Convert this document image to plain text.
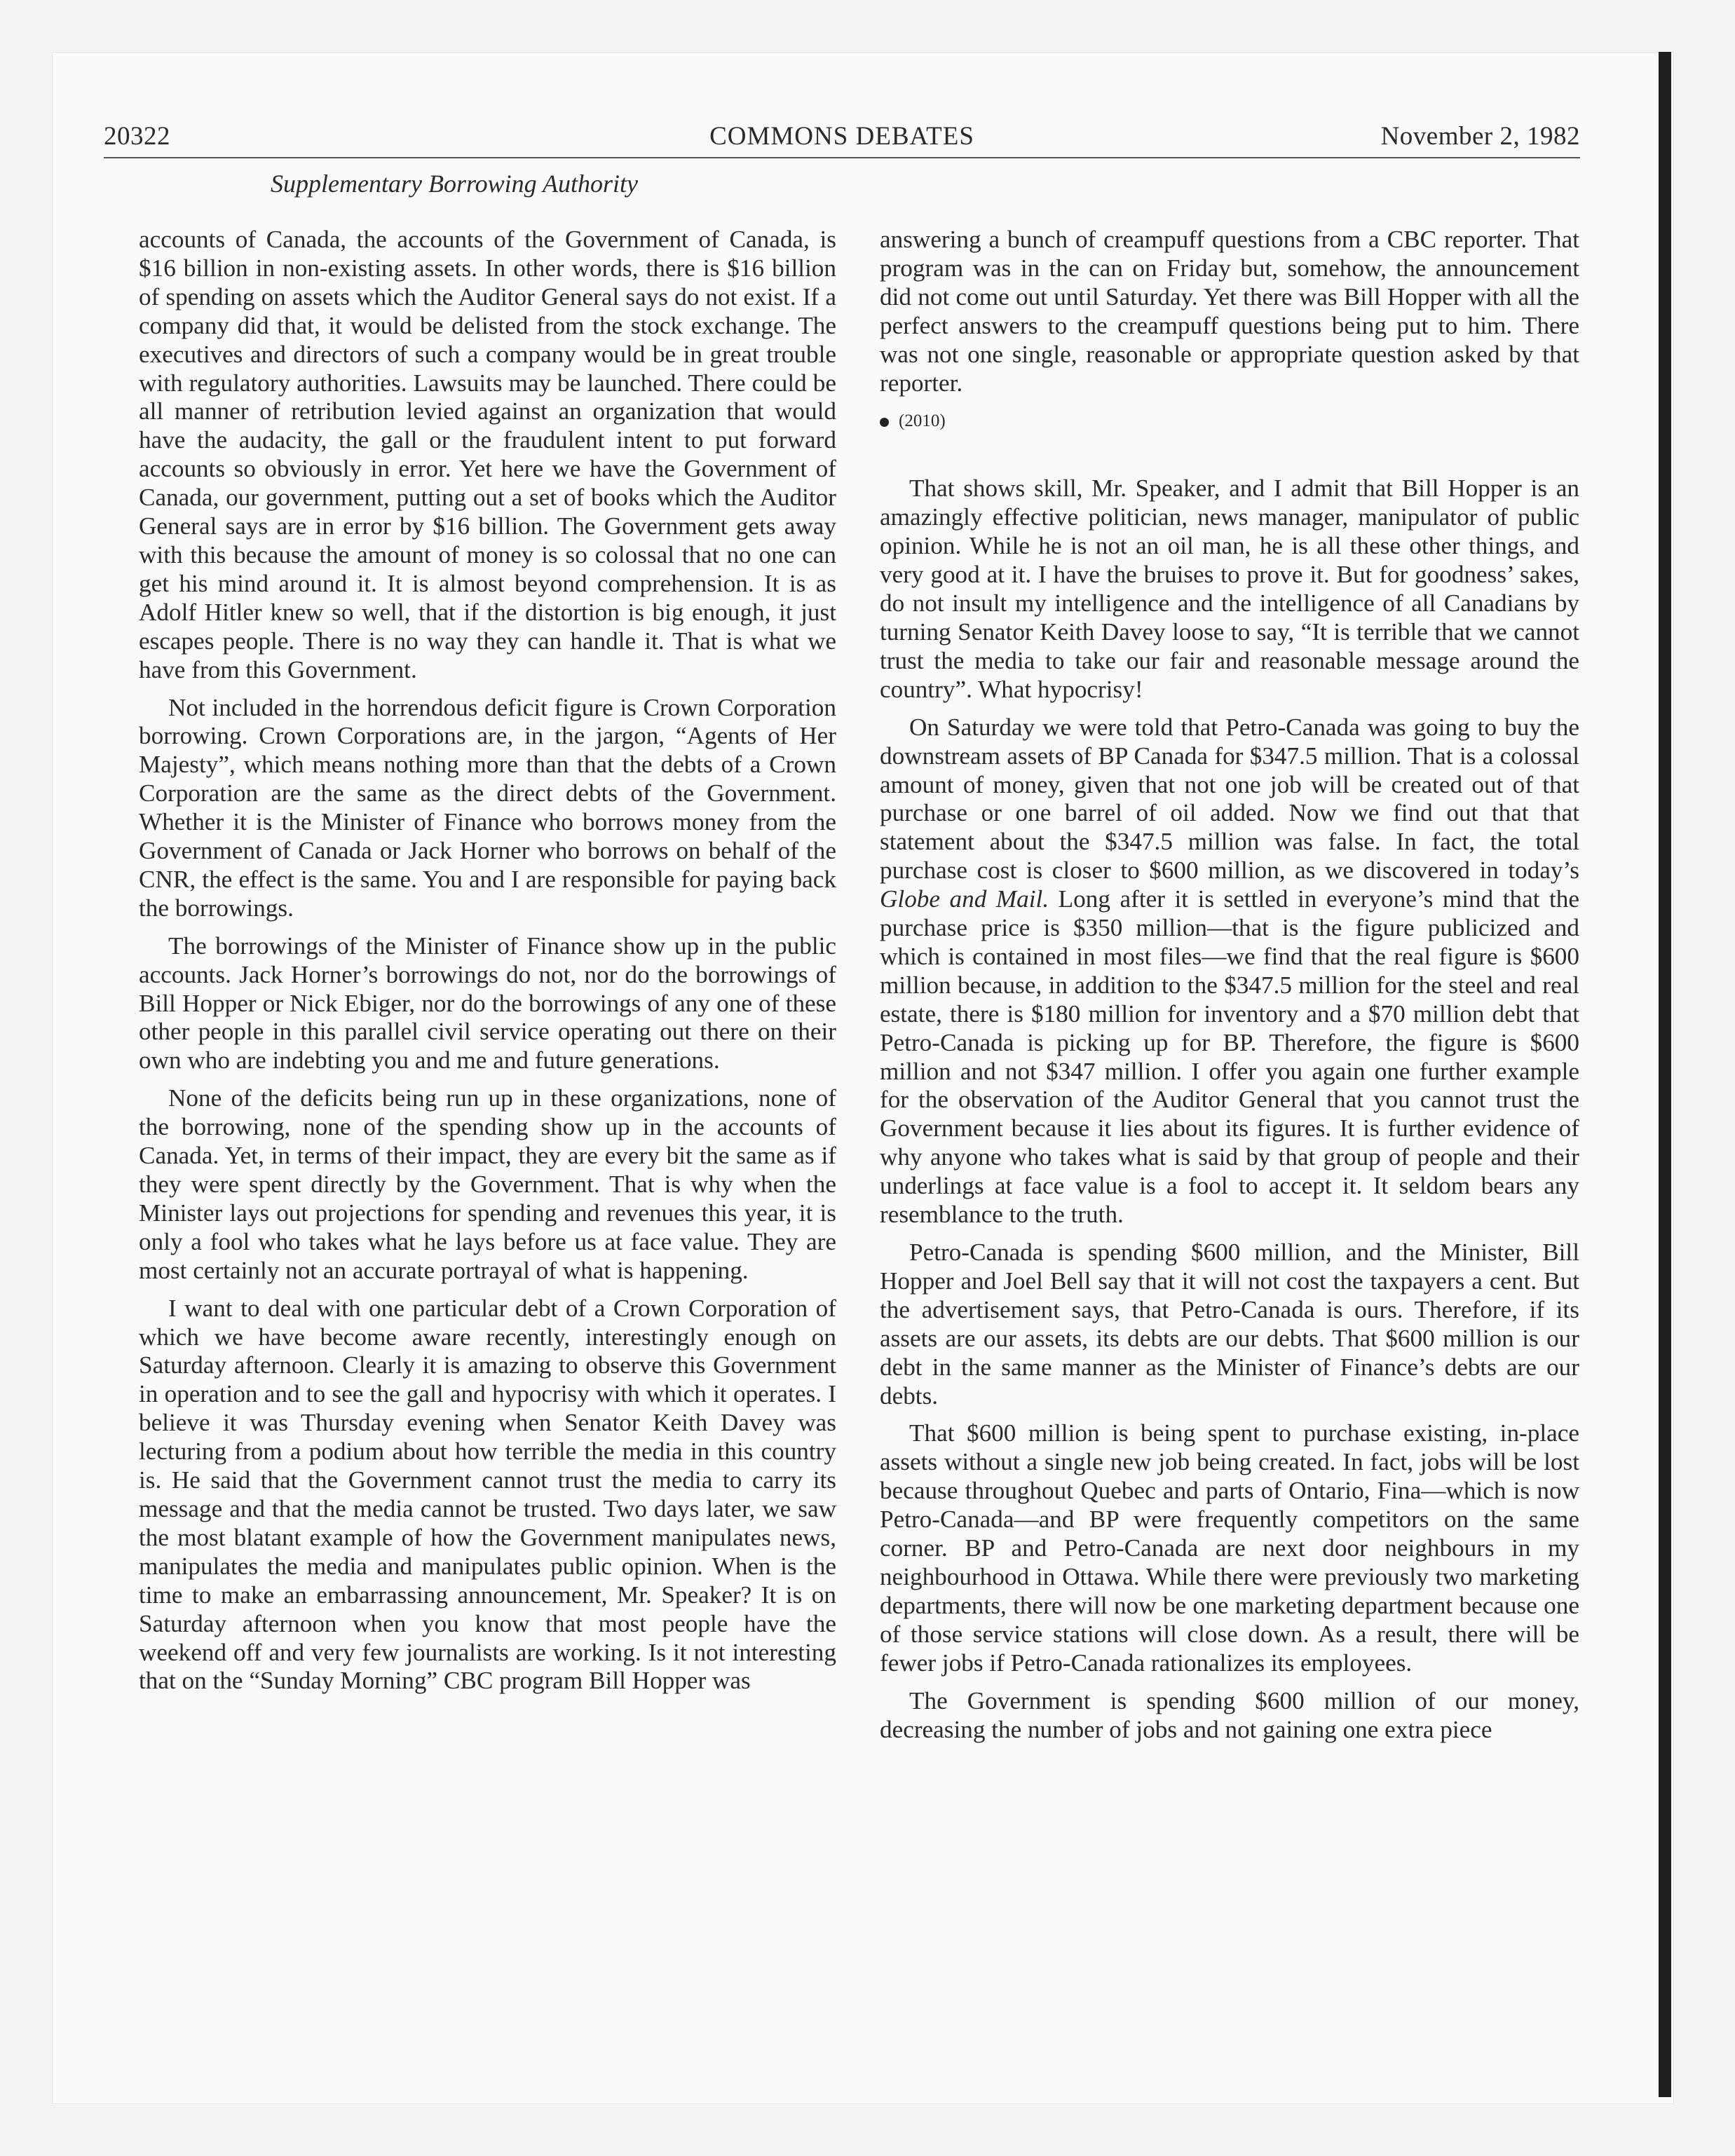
20322	COMMONS DEBATES	November 2, 1982
Supplementary Borrowing Authority

accounts of Canada, the accounts of the Government of Canada, is $16 billion in non-existing assets. In other words, there is $16 billion of spending on assets which the Auditor General says do not exist. If a company did that, it would be delisted from the stock exchange. The executives and directors of such a company would be in great trouble with regulatory authorities. Lawsuits may be launched. There could be all manner of retribution levied against an organization that would have the audacity, the gall or the fraudulent intent to put forward accounts so obviously in error. Yet here we have the Government of Canada, our government, putting out a set of books which the Auditor General says are in error by $16 billion. The Government gets away with this because the amount of money is so colossal that no one can get his mind around it. It is almost beyond comprehension. It is as Adolf Hitler knew so well, that if the distortion is big enough, it just escapes people. There is no way they can handle it. That is what we have from this Government.

Not included in the horrendous deficit figure is Crown Corporation borrowing. Crown Corporations are, in the jargon, “Agents of Her Majesty”, which means nothing more than that the debts of a Crown Corporation are the same as the direct debts of the Government. Whether it is the Minister of Finance who borrows money from the Government of Canada or Jack Horner who borrows on behalf of the CNR, the effect is the same. You and I are responsible for paying back the borrowings.

The borrowings of the Minister of Finance show up in the public accounts. Jack Horner’s borrowings do not, nor do the borrowings of Bill Hopper or Nick Ebiger, nor do the borrowings of any one of these other people in this parallel civil service operating out there on their own who are indebting you and me and future generations.

None of the deficits being run up in these organizations, none of the borrowing, none of the spending show up in the accounts of Canada. Yet, in terms of their impact, they are every bit the same as if they were spent directly by the Government. That is why when the Minister lays out projections for spending and revenues this year, it is only a fool who takes what he lays before us at face value. They are most certainly not an accurate portrayal of what is happening.

I want to deal with one particular debt of a Crown Corporation of which we have become aware recently, interestingly enough on Saturday afternoon. Clearly it is amazing to observe this Government in operation and to see the gall and hypocrisy with which it operates. I believe it was Thursday evening when Senator Keith Davey was lecturing from a podium about how terrible the media in this country is. He said that the Government cannot trust the media to carry its message and that the media cannot be trusted. Two days later, we saw the most blatant example of how the Government manipulates news, manipulates the media and manipulates public opinion. When is the time to make an embarrassing announcement, Mr. Speaker? It is on Saturday afternoon when you know that most people have the weekend off and very few journalists are working. Is it not interesting that on the “Sunday Morning” CBC program Bill Hopper was

answering a bunch of creampuff questions from a CBC reporter. That program was in the can on Friday but, somehow, the announcement did not come out until Saturday. Yet there was Bill Hopper with all the perfect answers to the creampuff questions being put to him. There was not one single, reasonable or appropriate question asked by that reporter.

(2010)

That shows skill, Mr. Speaker, and I admit that Bill Hopper is an amazingly effective politician, news manager, manipulator of public opinion. While he is not an oil man, he is all these other things, and very good at it. I have the bruises to prove it. But for goodness’ sakes, do not insult my intelligence and the intelligence of all Canadians by turning Senator Keith Davey loose to say, “It is terrible that we cannot trust the media to take our fair and reasonable message around the country”. What hypocrisy!

On Saturday we were told that Petro-Canada was going to buy the downstream assets of BP Canada for $347.5 million. That is a colossal amount of money, given that not one job will be created out of that purchase or one barrel of oil added. Now we find out that that statement about the $347.5 million was false. In fact, the total purchase cost is closer to $600 million, as we discovered in today’s Globe and Mail. Long after it is settled in everyone’s mind that the purchase price is $350 million—that is the figure publicized and which is contained in most files—we find that the real figure is $600 million because, in addition to the $347.5 million for the steel and real estate, there is $180 million for inventory and a $70 million debt that Petro-Canada is picking up for BP. Therefore, the figure is $600 million and not $347 million. I offer you again one further example for the observation of the Auditor General that you cannot trust the Government because it lies about its figures. It is further evidence of why anyone who takes what is said by that group of people and their underlings at face value is a fool to accept it. It seldom bears any resemblance to the truth.

Petro-Canada is spending $600 million, and the Minister, Bill Hopper and Joel Bell say that it will not cost the taxpayers a cent. But the advertisement says, that Petro-Canada is ours. Therefore, if its assets are our assets, its debts are our debts. That $600 million is our debt in the same manner as the Minister of Finance’s debts are our debts.

That $600 million is being spent to purchase existing, in-place assets without a single new job being created. In fact, jobs will be lost because throughout Quebec and parts of Ontario, Fina—which is now Petro-Canada—and BP were frequently competitors on the same corner. BP and Petro-Canada are next door neighbours in my neighbourhood in Ottawa. While there were previously two marketing departments, there will now be one marketing department because one of those service stations will close down. As a result, there will be fewer jobs if Petro-Canada rationalizes its employees.

The Government is spending $600 million of our money, decreasing the number of jobs and not gaining one extra piece
